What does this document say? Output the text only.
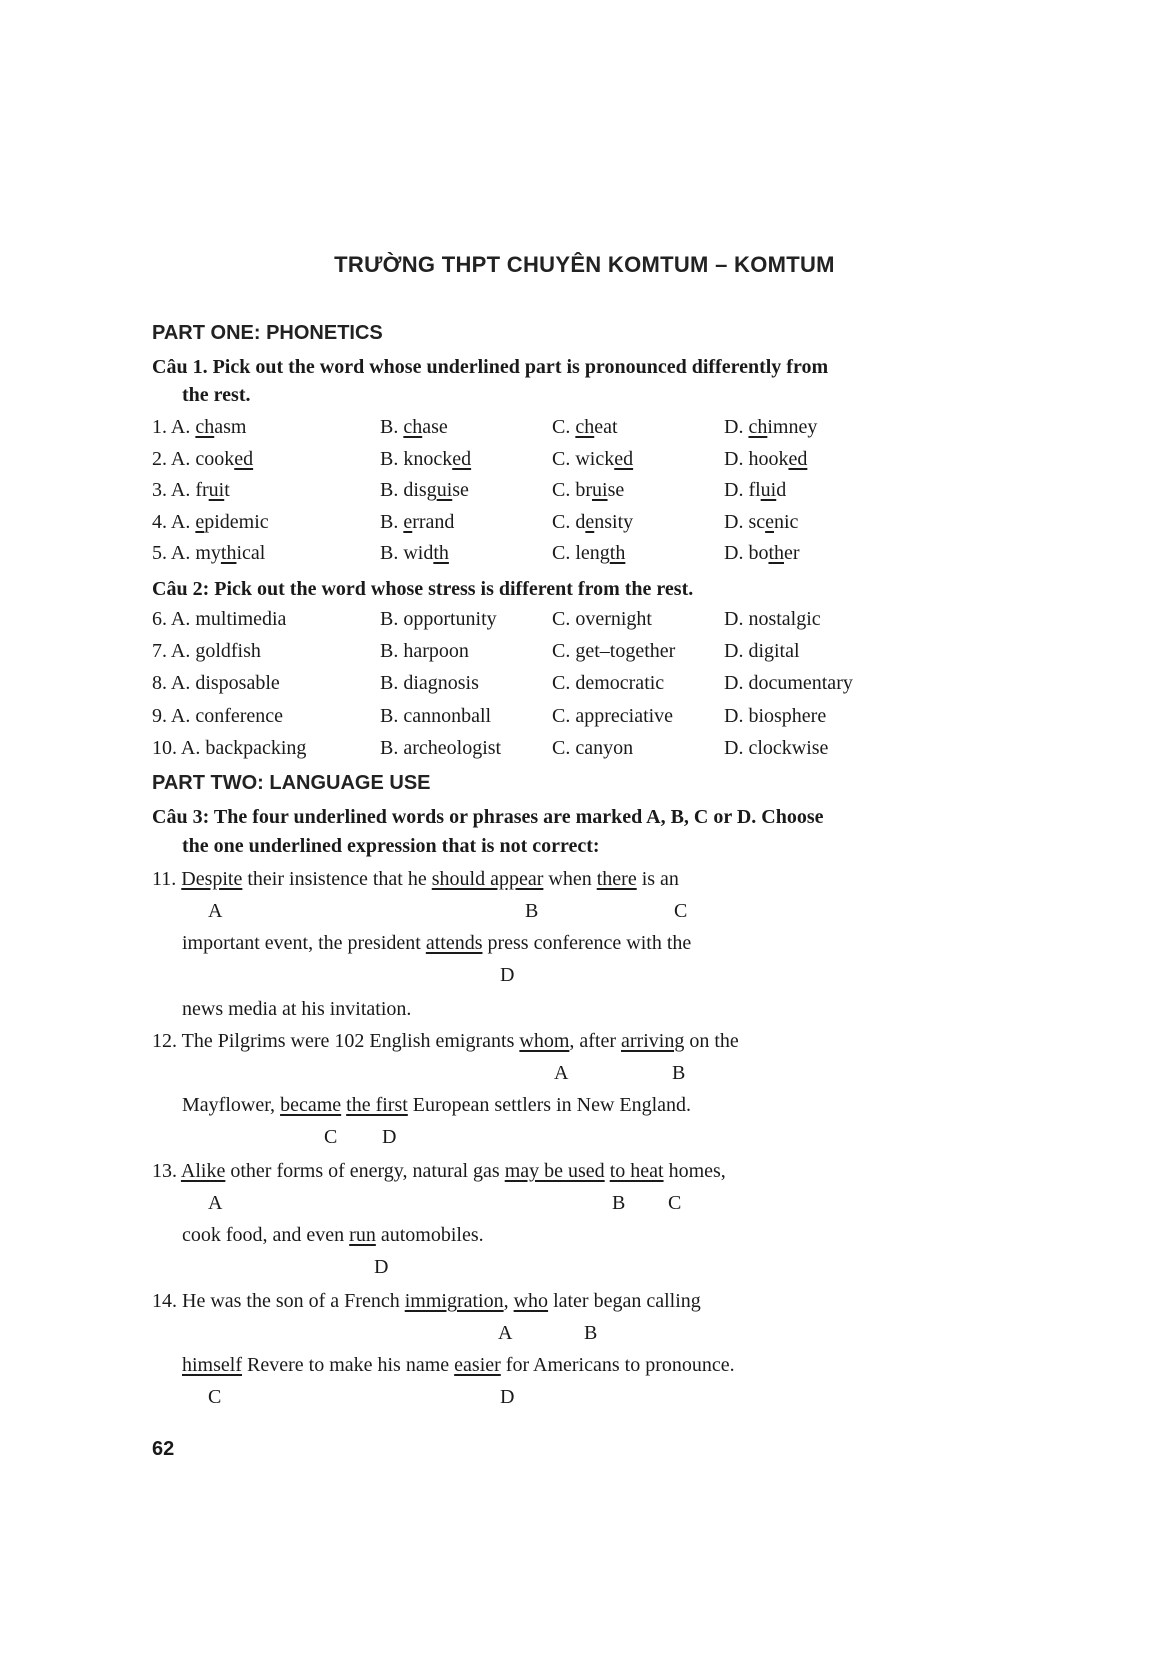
TRƯỜNG THPT CHUYÊN KOMTUM – KOMTUM
PART ONE: PHONETICS
Câu 1. Pick out the word whose underlined part is pronounced differently from
the rest.
1. A. chasm	B. chase	C. cheat	D. chimney
2. A. cooked	B. knocked	C. wicked	D. hooked
3. A. fruit	B. disguise	C. bruise	D. fluid
4. A. epidemic	B. errand	C. density	D. scenic
5. A. mythical	B. width	C. length	D. bother
Câu 2: Pick out the word whose stress is different from the rest.
6. A. multimedia	B. opportunity	C. overnight	D. nostalgic
7. A. goldfish	B. harpoon	C. get–together D. digital
8. A. disposable	B. diagnosis	C. democratic	D. documentary
9. A. conference	B. cannonball	C. appreciative	D. biosphere
10. A. backpacking	B. archeologist	C. canyon	D. clockwise
PART TWO: LANGUAGE USE
Câu 3: The four underlined words or phrases are marked A, B, C or D. Choose
the one underlined expression that is not correct:
11. Despite their insistence that he should appear when there is an
A	B	C
important event, the president attends press conference with the
D
news media at his invitation.
12. The Pilgrims were 102 English emigrants whom, after arriving on the
A	B
Mayflower, became the first European settlers in New England.
C D
13. Alike other forms of energy, natural gas may be used to heat homes,
A	B C
cook food, and even run automobiles.
D
14. He was the son of a French immigration, who later began calling
A	B
himself Revere to make his name easier for Americans to pronounce.
C	D
62
